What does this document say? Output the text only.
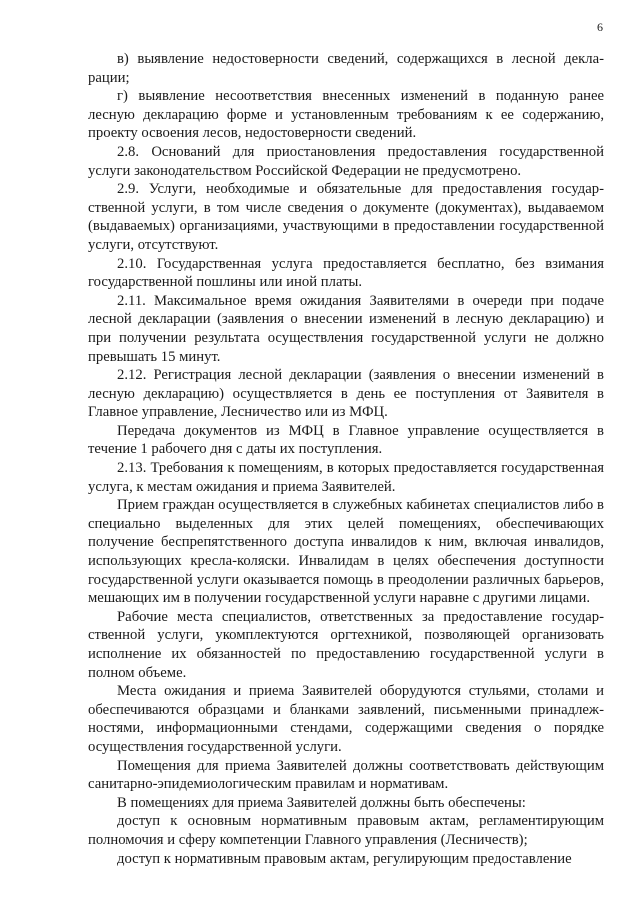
6

в) выявление недостоверности сведений, содержащихся в лесной декларации;

г) выявление несоответствия внесенных изменений в поданную ранее лесную декларацию форме и установленным требованиям к ее содержанию, проекту освоения лесов, недостоверности сведений.

2.8. Оснований для приостановления предоставления государственной услуги законодательством Российской Федерации не предусмотрено.

2.9. Услуги, необходимые и обязательные для предоставления государственной услуги, в том числе сведения о документе (документах), выдаваемом (выдаваемых) организациями, участвующими в предоставлении государственной услуги, отсутствуют.

2.10. Государственная услуга предоставляется бесплатно, без взимания государственной пошлины или иной платы.

2.11. Максимальное время ожидания Заявителями в очереди при подаче лесной декларации (заявления о внесении изменений в лесную декларацию) и при получении результата осуществления государственной услуги не должно превышать 15 минут.

2.12. Регистрация лесной декларации (заявления о внесении изменений в лесную декларацию) осуществляется в день ее поступления от Заявителя в Главное управление, Лесничество или из МФЦ.

Передача документов из МФЦ в Главное управление осуществляется в течение 1 рабочего дня с даты их поступления.

2.13. Требования к помещениям, в которых предоставляется государственная услуга, к местам ожидания и приема Заявителей.

Прием граждан осуществляется в служебных кабинетах специалистов либо в специально выделенных для этих целей помещениях, обеспечивающих получение беспрепятственного доступа инвалидов к ним, включая инвалидов, использующих кресла-коляски. Инвалидам в целях обеспечения доступности государственной услуги оказывается помощь в преодолении различных барьеров, мешающих им в получении государственной услуги наравне с другими лицами.

Рабочие места специалистов, ответственных за предоставление государственной услуги, укомплектуются оргтехникой, позволяющей организовать исполнение их обязанностей по предоставлению государственной услуги в полном объеме.

Места ожидания и приема Заявителей оборудуются стульями, столами и обеспечиваются образцами и бланками заявлений, письменными принадлежностями, информационными стендами, содержащими сведения о порядке осуществления государственной услуги.

Помещения для приема Заявителей должны соответствовать действующим санитарно-эпидемиологическим правилам и нормативам.

В помещениях для приема Заявителей должны быть обеспечены:

доступ к основным нормативным правовым актам, регламентирующим полномочия и сферу компетенции Главного управления (Лесничеств);

доступ к нормативным правовым актам, регулирующим предоставление
